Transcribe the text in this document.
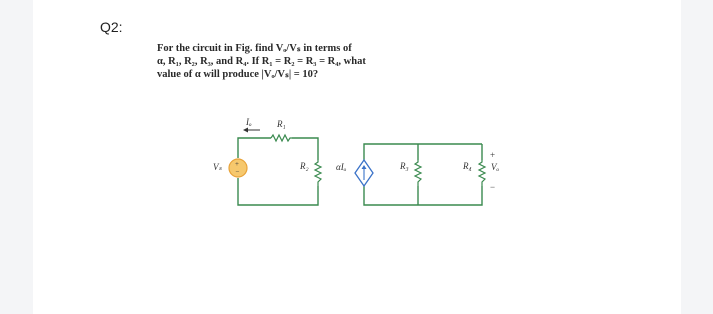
Q2:
For the circuit in Fig. find Vₒ/Vₛ in terms of
α, R₁, R₂, R₃, and R₄. If R₁ = R₂ = R₃ = R₄, what
value of α will produce |Vₒ/Vₛ| = 10?
+
−
Vₛ
Iₒ	R₁
R₂	αIₒ	R₃	R₄
+
Vₒ
−
